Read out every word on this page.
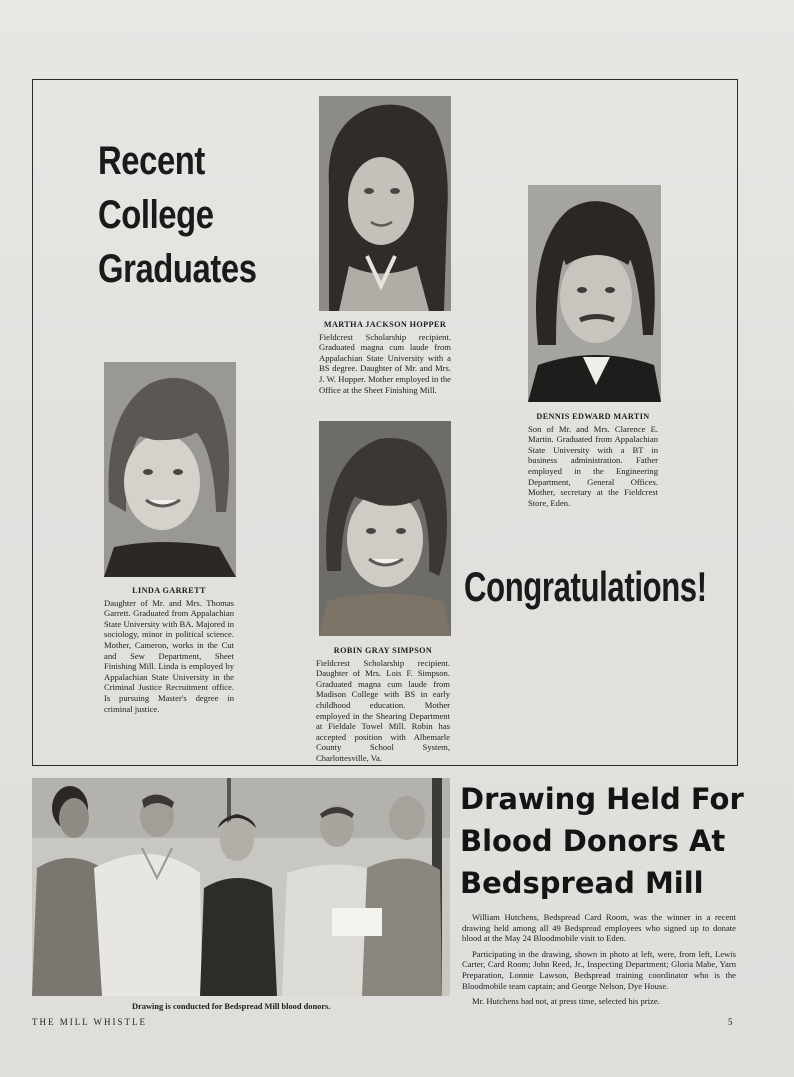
Recent
College
Graduates
MARTHA JACKSON HOPPER
Fieldcrest Scholarship recipient. Graduated magna cum laude from Appalachian State University with a BS degree. Daughter of Mr. and Mrs. J. W. Hopper. Mother employed in the Office at the Sheet Finishing Mill.
DENNIS EDWARD MARTIN
Son of Mr. and Mrs. Clarence E. Martin. Graduated from Appalachian State University with a BT in business administration. Father employed in the Engineering Department, General Offices. Mother, secretary at the Fieldcrest Store, Eden.
LINDA GARRETT
Daughter of Mr. and Mrs. Thomas Garrett. Graduated from Appalachian State University with BA. Majored in sociology, minor in political science. Mother, Cameron, works in the Cut and Sew Department, Sheet Finishing Mill. Linda is employed by Appalachian State University in the Criminal Justice Recruitment office. Is pursuing Master's degree in criminal justice.
ROBIN GRAY SIMPSON
Fieldcrest Scholarship recipient. Daughter of Mrs. Lois F. Simpson. Graduated magna cum laude from Madison College with BS in early childhood education. Mother employed in the Shearing Department at Fieldale Towel Mill. Robin has accepted position with Albemarle County School System, Charlottesville, Va.
Congratulations!
Drawing is conducted for Bedspread Mill blood donors.
Drawing Held For
Blood Donors At
Bedspread Mill

William Hutchens, Bedspread Card Room, was the winner in a recent drawing held among all 49 Bedspread employees who signed up to donate blood at the May 24 Bloodmobile visit to Eden.

Participating in the drawing, shown in photo at left, were, from left, Lewis Carter, Card Room; John Reed, Jr., Inspecting Department; Gloria Mabe, Yarn Preparation, Lonnie Lawson, Bedspread training coordinator who is the Bloodmobile team captain; and George Nelson, Dye House.

Mr. Hutchens had not, at press time, selected his prize.

THE MILL WHISTLE	5
